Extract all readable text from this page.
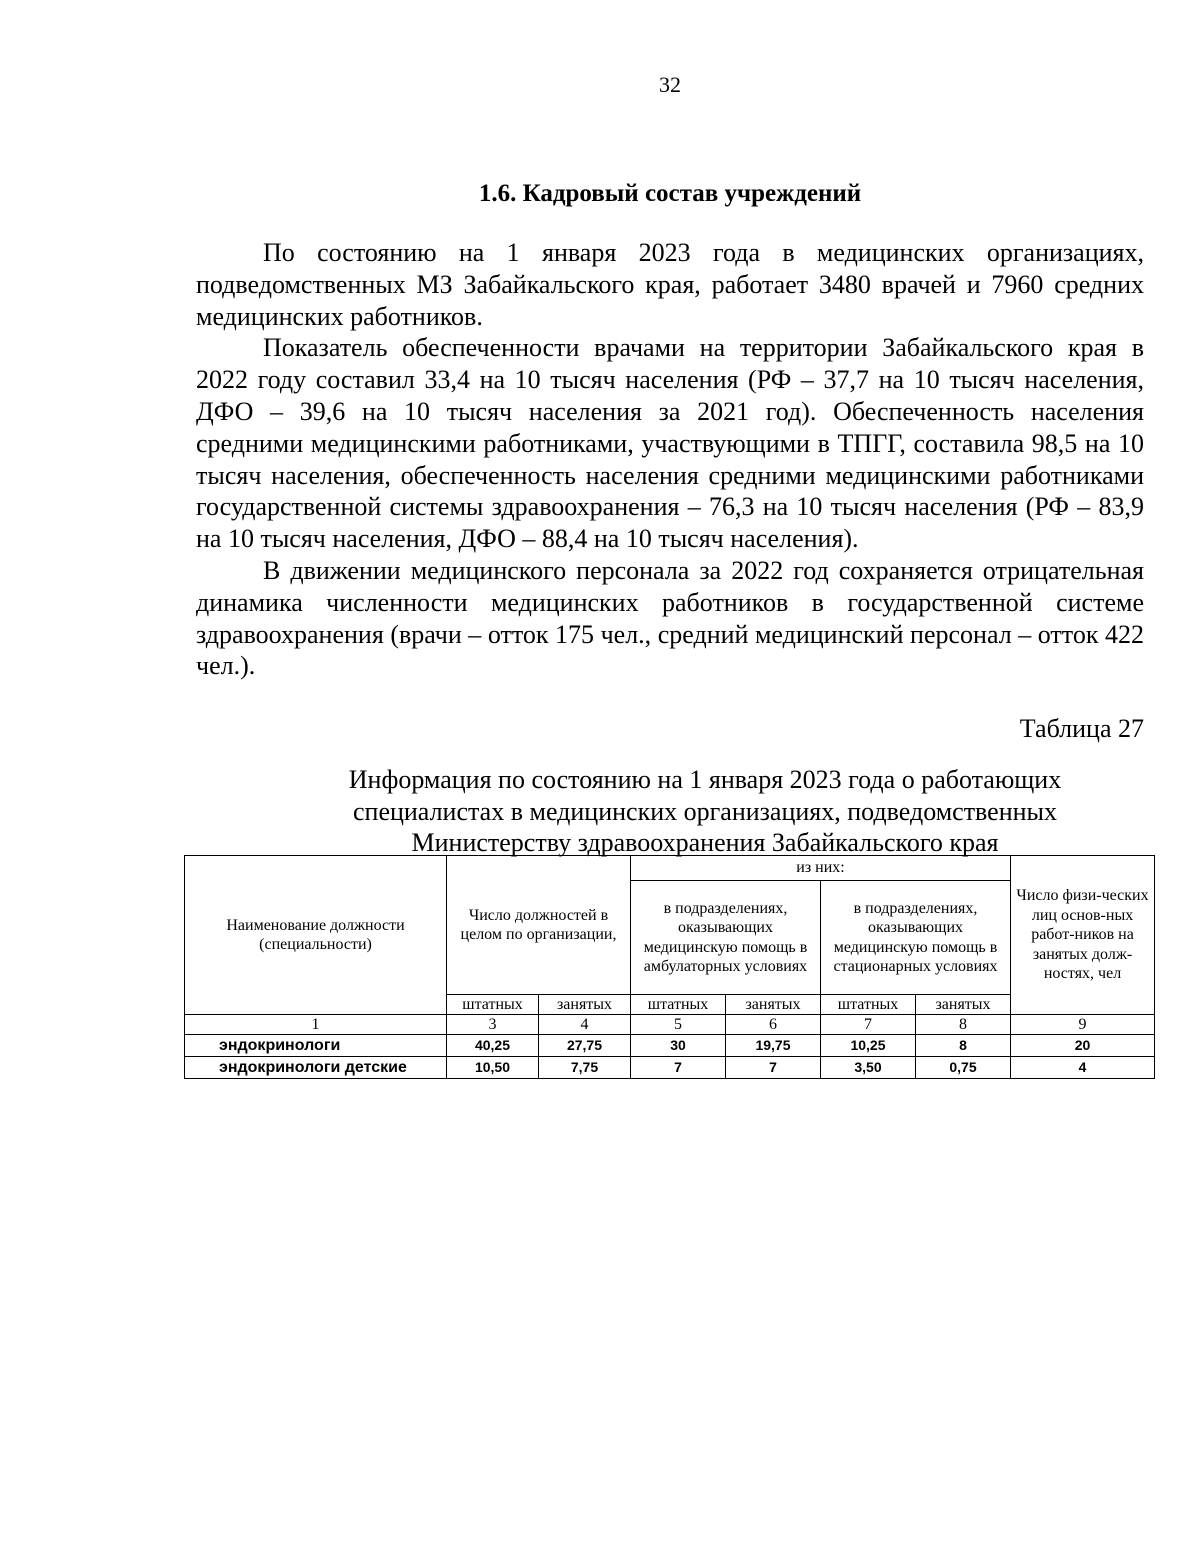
32
1.6. Кадровый состав учреждений

По состоянию на 1 января 2023 года в медицинских организациях, подведомственных МЗ Забайкальского края, работает 3480 врачей и 7960 средних медицинских работников.

Показатель обеспеченности врачами на территории Забайкальского края в 2022 году составил 33,4 на 10 тысяч населения (РФ – 37,7 на 10 тысяч населения, ДФО – 39,6 на 10 тысяч населения за 2021 год). Обеспеченность населения средними медицинскими работниками, участвующими в ТПГГ, составила 98,5 на 10 тысяч населения, обеспеченность населения средними медицинскими работниками государственной системы здравоохранения – 76,3 на 10 тысяч населения (РФ – 83,9 на 10 тысяч населения, ДФО – 88,4 на 10 тысяч населения).

В движении медицинского персонала за 2022 год сохраняется отрицательная динамика численности медицинских работников в государственной системе здравоохранения (врачи – отток 175 чел., средний медицинский персонал – отток 422 чел.).

Таблица 27
Информация по состоянию на 1 января 2023 года о работающих специалистах в медицинских организациях, подведомственных Министерству здравоохранения Забайкальского края
Наименование должности (специальности)	Число должностей в целом по организации,		из них:				Число физи-ческих лиц основ-ных работ-ников на занятых долж-ностях, чел
			в подразделениях, оказывающих медицинскую помощь в амбулаторных условиях		в подразделениях, оказывающих медицинскую помощь в стационарных условиях		
	штатных	занятых	штатных	занятых	штатных	занятых	
1	3	4	5	6	7	8	9
эндокринологи	40,25	27,75	30	19,75	10,25	8	20
эндокринологи детские	10,50	7,75	7	7	3,50	0,75	4
